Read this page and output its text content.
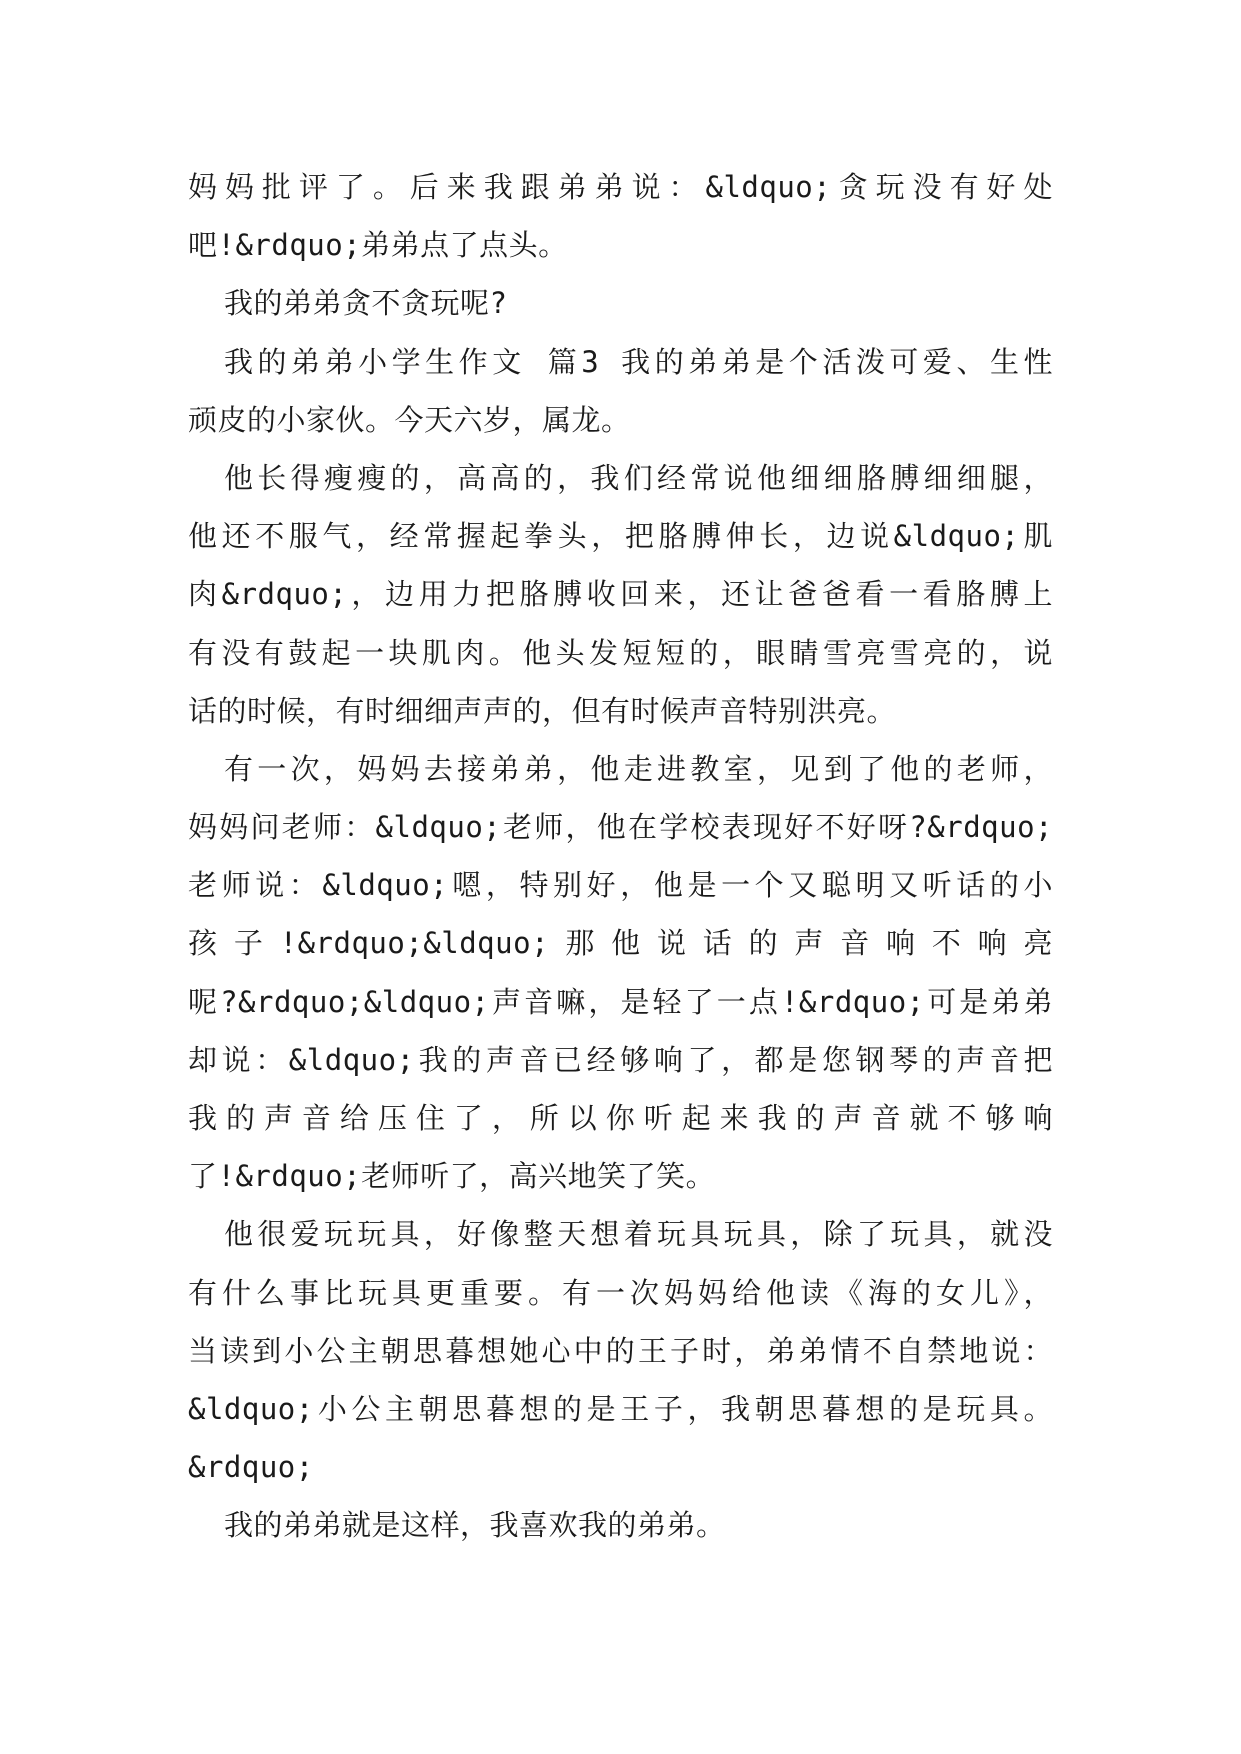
妈妈批评了。后来我跟弟弟说：&ldquo;贪玩没有好处
吧!&rdquo;弟弟点了点头。
我的弟弟贪不贪玩呢?
我的弟弟小学生作文 篇3 我的弟弟是个活泼可爱、生性
顽皮的小家伙。今天六岁，属龙。
他长得瘦瘦的，高高的，我们经常说他细细胳膊细细腿，
他还不服气，经常握起拳头，把胳膊伸长，边说&ldquo;肌
肉&rdquo;，边用力把胳膊收回来，还让爸爸看一看胳膊上
有没有鼓起一块肌肉。他头发短短的，眼睛雪亮雪亮的，说
话的时候，有时细细声声的，但有时候声音特别洪亮。
有一次，妈妈去接弟弟，他走进教室，见到了他的老师，
妈妈问老师：&ldquo;老师，他在学校表现好不好呀?&rdquo;
老师说：&ldquo;嗯，特别好，他是一个又聪明又听话的小
孩子!&rdquo;&ldquo;那他说话的声音响不响亮
呢?&rdquo;&ldquo;声音嘛，是轻了一点!&rdquo;可是弟弟
却说：&ldquo;我的声音已经够响了，都是您钢琴的声音把
我的声音给压住了，所以你听起来我的声音就不够响
了!&rdquo;老师听了，高兴地笑了笑。
他很爱玩玩具，好像整天想着玩具玩具，除了玩具，就没
有什么事比玩具更重要。有一次妈妈给他读《海的女儿》，
当读到小公主朝思暮想她心中的王子时，弟弟情不自禁地说：
&ldquo;小公主朝思暮想的是王子，我朝思暮想的是玩具。
&rdquo;
我的弟弟就是这样，我喜欢我的弟弟。
